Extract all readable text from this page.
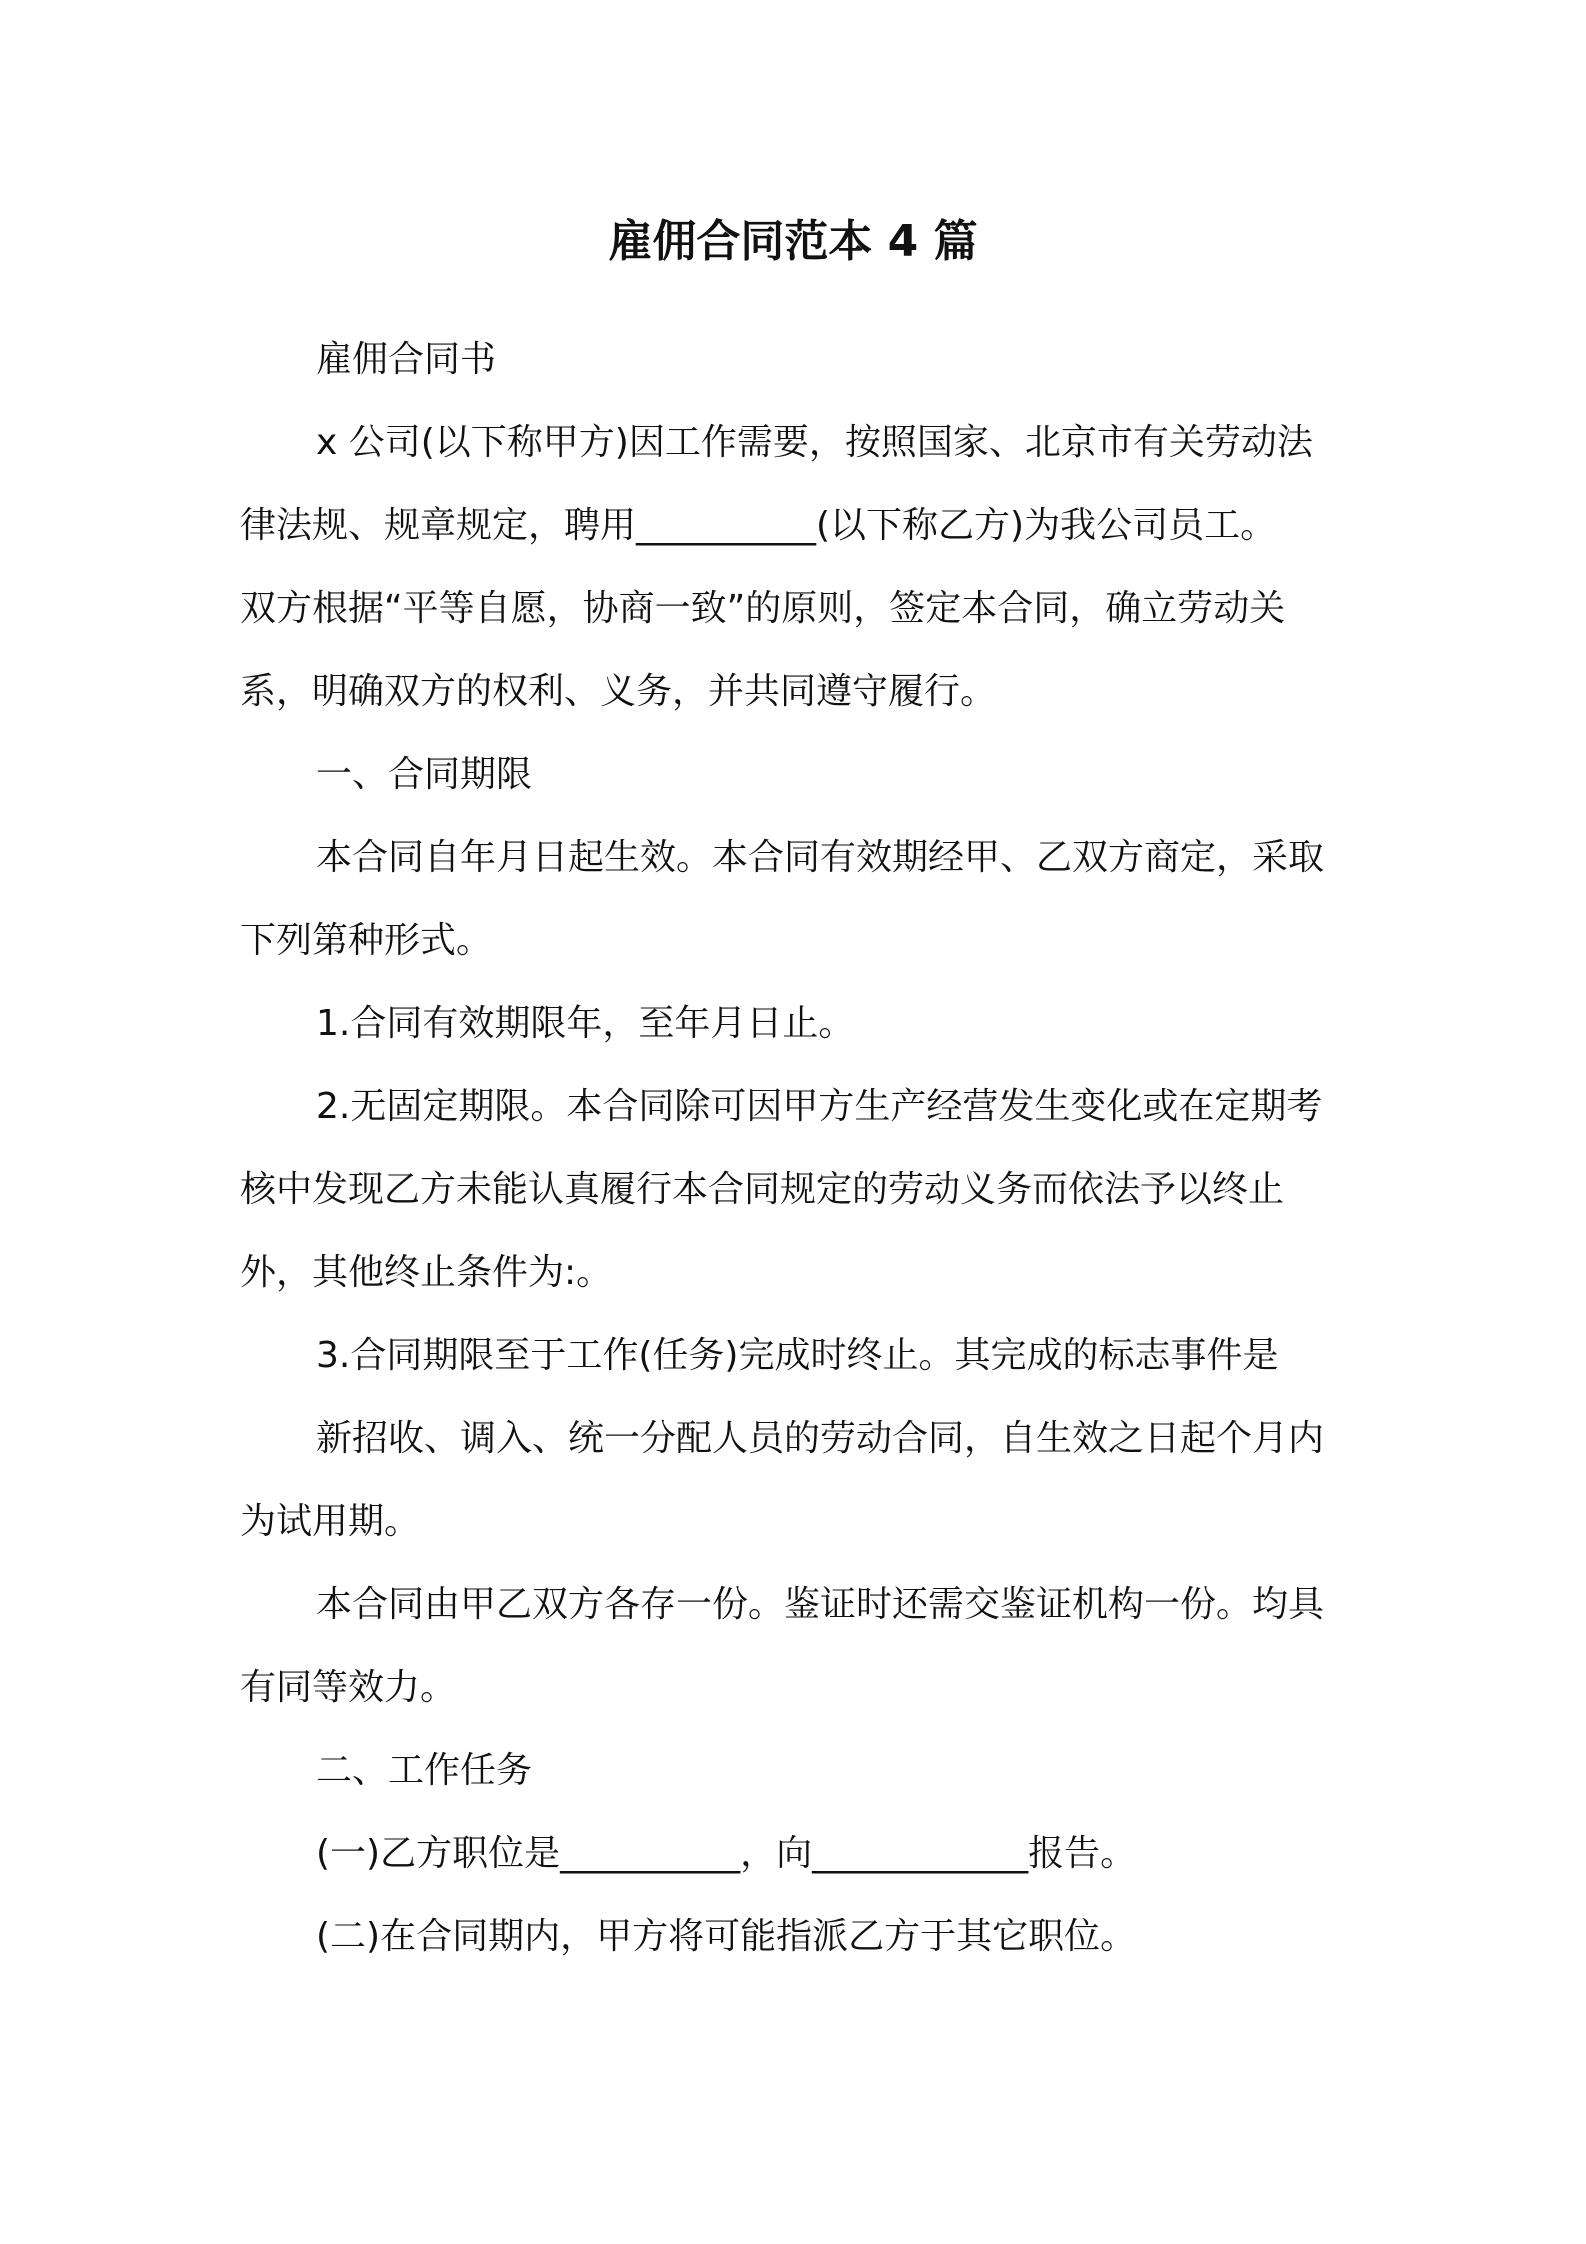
雇佣合同范本 4 篇
雇佣合同书
x 公司(以下称甲方)因工作需要，按照国家、北京市有关劳动法
律法规、规章规定，聘用__________(以下称乙方)为我公司员工。
双方根据“平等自愿，协商一致”的原则，签定本合同，确立劳动关
系，明确双方的权利、义务，并共同遵守履行。
一、合同期限
本合同自年月日起生效。本合同有效期经甲、乙双方商定，采取
下列第种形式。
1.合同有效期限年，至年月日止。
2.无固定期限。本合同除可因甲方生产经营发生变化或在定期考
核中发现乙方未能认真履行本合同规定的劳动义务而依法予以终止
外，其他终止条件为:。
3.合同期限至于工作(任务)完成时终止。其完成的标志事件是
新招收、调入、统一分配人员的劳动合同，自生效之日起个月内
为试用期。
本合同由甲乙双方各存一份。鉴证时还需交鉴证机构一份。均具
有同等效力。
二、工作任务
(一)乙方职位是__________，向____________报告。
(二)在合同期内，甲方将可能指派乙方于其它职位。
